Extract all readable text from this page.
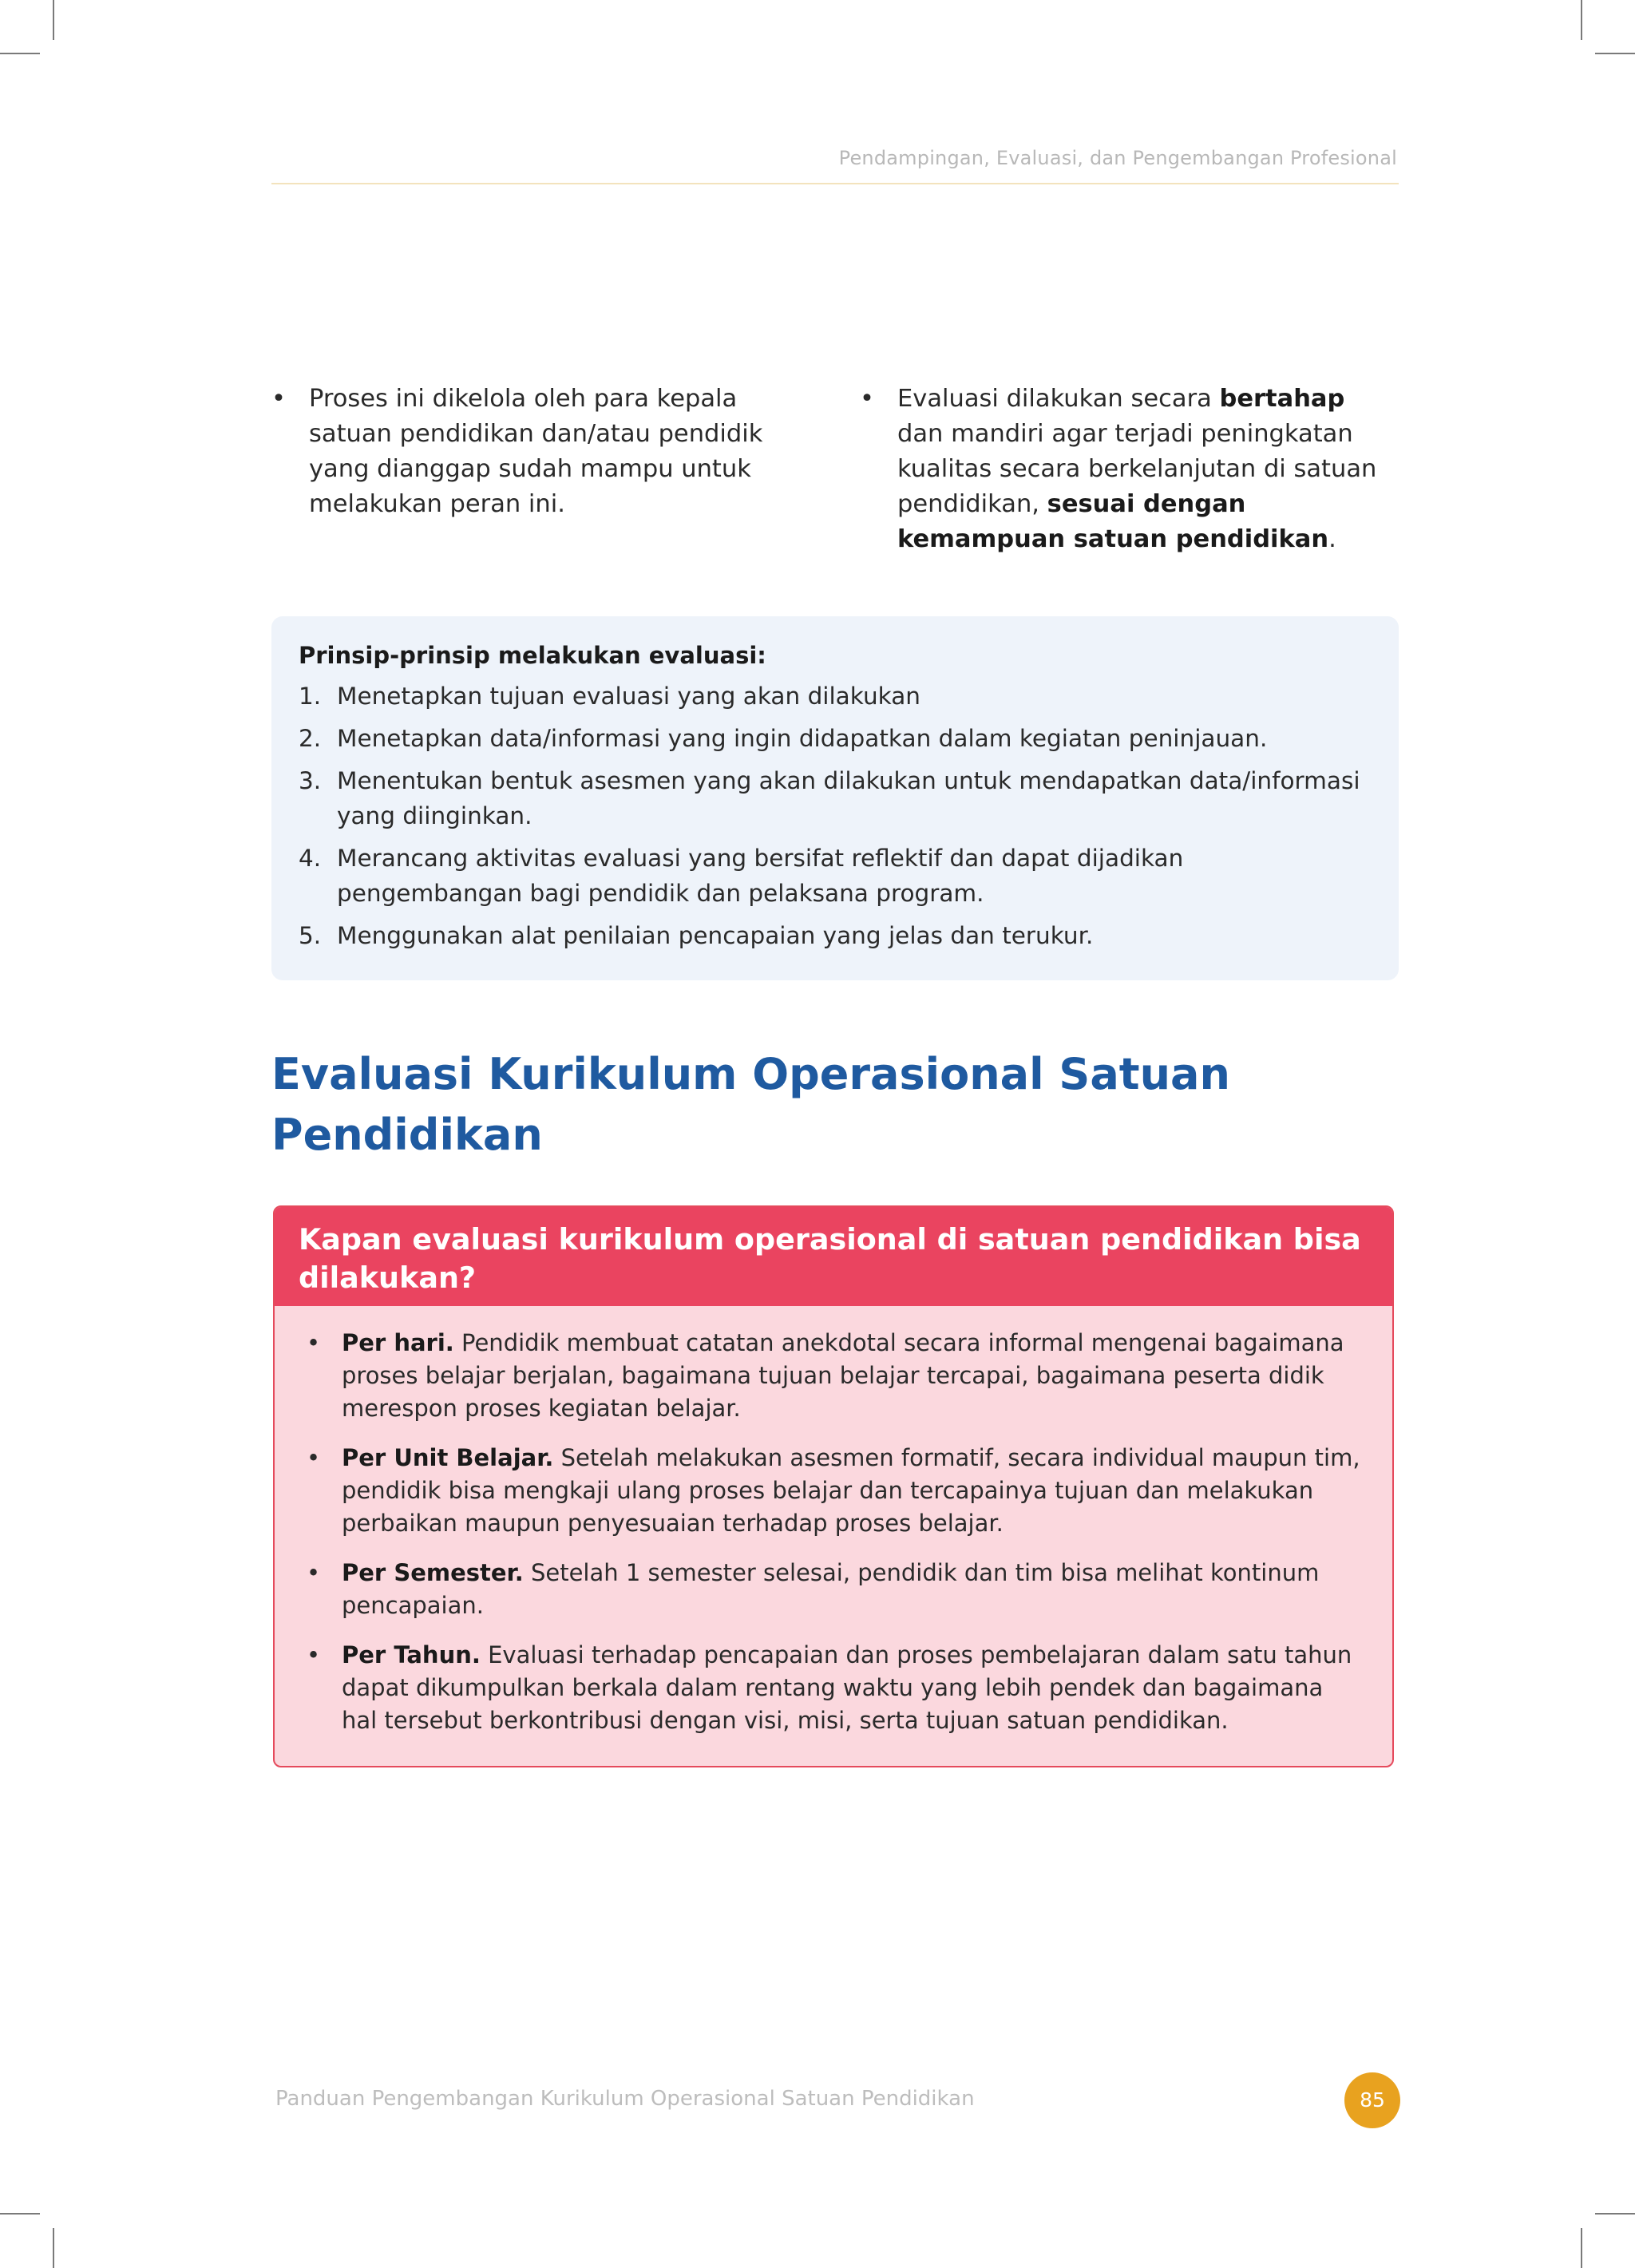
Pendampingan, Evaluasi, dan Pengembangan Profesional
• Proses ini dikelola oleh para kepala satuan pendidikan dan/atau pendidik yang dianggap sudah mampu untuk melakukan peran ini.
• Evaluasi dilakukan secara bertahap dan mandiri agar terjadi peningkatan kualitas secara berkelanjutan di satuan pendidikan, sesuai dengan kemampuan satuan pendidikan.
Prinsip-prinsip melakukan evaluasi:
1. Menetapkan tujuan evaluasi yang akan dilakukan
2. Menetapkan data/informasi yang ingin didapatkan dalam kegiatan peninjauan.
3. Menentukan bentuk asesmen yang akan dilakukan untuk mendapatkan data/informasi yang diinginkan.
4. Merancang aktivitas evaluasi yang bersifat reflektif dan dapat dijadikan pengembangan bagi pendidik dan pelaksana program.
5. Menggunakan alat penilaian pencapaian yang jelas dan terukur.
Evaluasi Kurikulum Operasional Satuan
Pendidikan
Kapan evaluasi kurikulum operasional di satuan pendidikan bisa dilakukan?
• Per hari. Pendidik membuat catatan anekdotal secara informal mengenai bagaimana proses belajar berjalan, bagaimana tujuan belajar tercapai, bagaimana peserta didik merespon proses kegiatan belajar.
• Per Unit Belajar. Setelah melakukan asesmen formatif, secara individual maupun tim, pendidik bisa mengkaji ulang proses belajar dan tercapainya tujuan dan melakukan perbaikan maupun penyesuaian terhadap proses belajar.
• Per Semester. Setelah 1 semester selesai, pendidik dan tim bisa melihat kontinum pencapaian.
• Per Tahun. Evaluasi terhadap pencapaian dan proses pembelajaran dalam satu tahun dapat dikumpulkan berkala dalam rentang waktu yang lebih pendek dan bagaimana hal tersebut berkontribusi dengan visi, misi, serta tujuan satuan pendidikan.
Panduan Pengembangan Kurikulum Operasional Satuan Pendidikan	85
